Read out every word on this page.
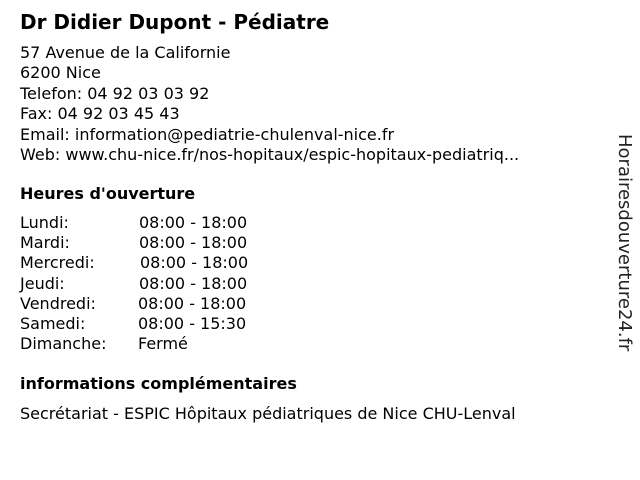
Dr Didier Dupont - Pédiatre
57 Avenue de la Californie
6200 Nice
Telefon: 04 92 03 03 92
Fax: 04 92 03 45 43
Email: information@pediatrie-chulenval-nice.fr
Web: www.chu-nice.fr/nos-hopitaux/espic-hopitaux-pediatriq...
Heures d'ouverture
Lundi:	08:00 - 18:00
Mardi:	08:00 - 18:00
Mercredi:	08:00 - 18:00
Jeudi:	08:00 - 18:00
Vendredi:	08:00 - 18:00
Samedi:	08:00 - 15:30
Dimanche: Fermé
informations complémentaires
Secrétariat - ESPIC Hôpitaux pédiatriques de Nice CHU-Lenval
Horairesdouverture24.fr
